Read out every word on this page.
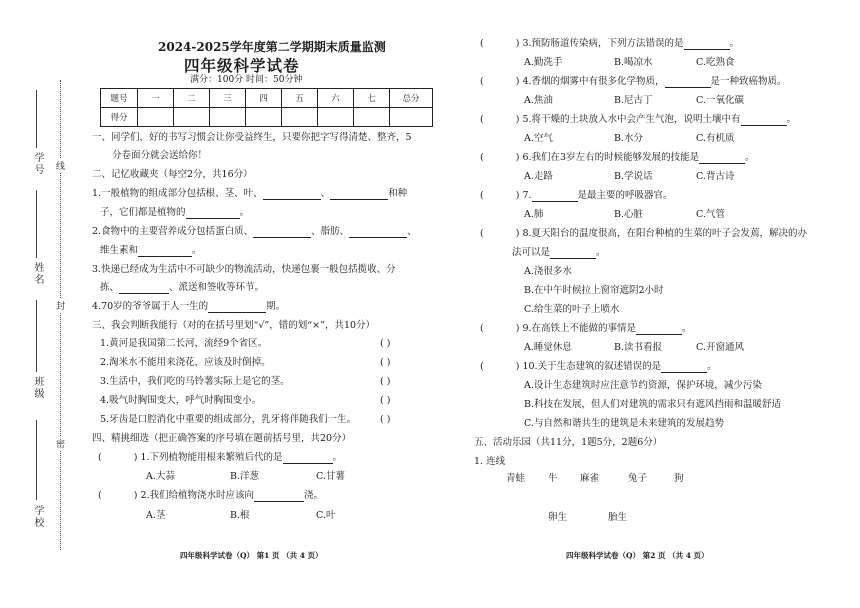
学号
姓名
班级
学校
线
封
密
2024-2025学年度第二学期期末质量监测
四年级科学试卷
满分：100分 时间：50分钟
题号	一	二	三	四	五	六	七	总分
得分								
一、同学们，好的书写习惯会让你受益终生，只要你把字写得清楚、整齐，5
分卷面分就会送给你！
二、记忆收藏夹（每空2分，共16分）
1.一般植物的组成部分包括根、茎、叶、	、	和种
子，它们都是植物的	。
2.食物中的主要营养成分包括蛋白质、	、脂肪、	、
维生素和	。
3.快递已经成为生活中不可缺少的物流活动，快递包裹一般包括揽收、分
拣、	、派送和签收等环节。
4.70岁的爷爷属于人一生的	期。
三、我会判断我能行（对的在括号里划“√”，错的划“×”，共10分）
1.黄河是我国第二长河，流经9个省区。	( )
2.淘米水不能用来浇花，应该及时倒掉。	( )
3.生活中，我们吃的马铃薯实际上是它的茎。	( )
4.吸气时胸围变大，呼气时胸围变小。	( )
5.牙齿是口腔消化中重要的组成部分，乳牙将伴随我们一生。	( )
四、精挑细选（把正确答案的序号填在题前括号里，共20分）
(	) 1.下列植物能用根来繁殖后代的是	。
A.大蒜	B.洋葱	C.甘薯
(	) 2.我们给植物浇水时应该向	浇。
A.茎	B.根	C.叶
四年级科学试卷（Q） 第1 页 （共 4 页）
(	) 3.预防肠道传染病，下列方法错误的是	。
A.勤洗手	B.喝凉水	C.吃熟食
(	) 4.香烟的烟雾中有很多化学物质，	是一种致癌物质。
A.焦油	B.尼古丁	C.一氧化碳
(	) 5.将干燥的土块放入水中会产生气泡，说明土壤中有	。
A.空气	B.水分	C.有机质
(	) 6.我们在3岁左右的时候能够发展的技能是	。
A.走路	B.学说话	C.背古诗
(	) 7.	是最主要的呼吸器官。
A.肺	B.心脏	C.气管
(	) 8.夏天阳台的温度很高，在阳台种植的生菜的叶子会发蔫，解决的办
法可以是	。
A.浇很多水
B.在中午时候拉上窗帘遮阴2小时
C.给生菜的叶子上喷水
(	) 9.在高铁上不能做的事情是	。
A.睡觉休息	B.读书看报	C.开窗通风
(	) 10.关于生态建筑的叙述错误的是	。
A.设计生态建筑时应注意节约资源，保护环境，减少污染
B.科技在发展，但人们对建筑的需求只有遮风挡雨和温暖舒适
C.与自然和谐共生的建筑是未来建筑的发展趋势
五、活动乐园（共11分，1题5分，2题6分）
1. 连线
青蛙 牛 麻雀	兔子	狗
卵生	胎生
四年级科学试卷（Q） 第2 页 （共 4 页）
